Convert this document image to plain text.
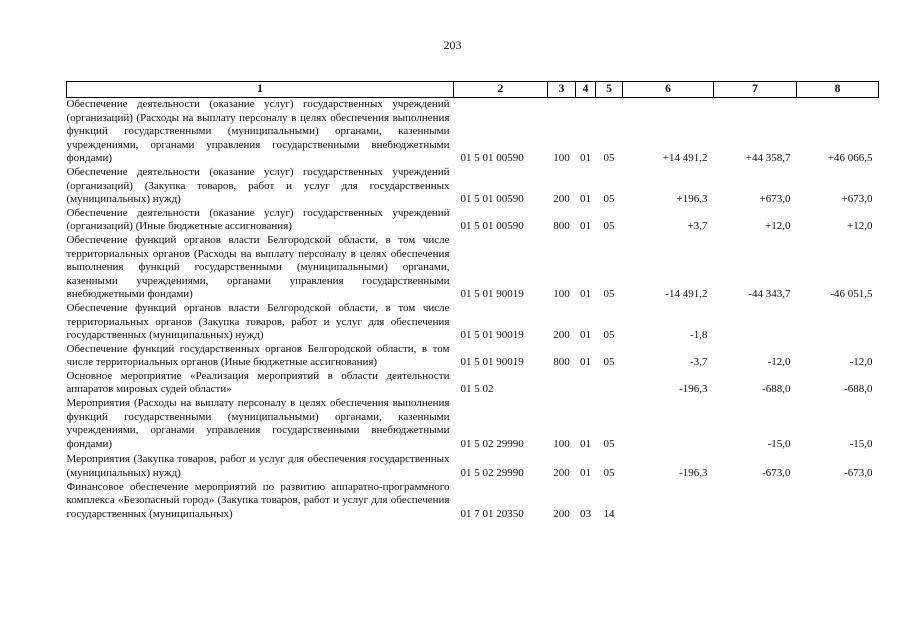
203
1	2	3	4	5	6	7	8
Обеспечение деятельности (оказание услуг) государственных учреждений (организаций) (Расходы на выплату персоналу в целях обеспечения выполнения функций государственными (муниципальными) органами, казенными учреждениями, органами управления государственными внебюджетными фондами)	01 5 01 00590	100	01	05	+14 491,2	+44 358,7	+46 066,5
Обеспечение деятельности (оказание услуг) государственных учреждений (организаций) (Закупка товаров, работ и услуг для государственных (муниципальных) нужд)	01 5 01 00590	200	01	05	+196,3	+673,0	+673,0
Обеспечение деятельности (оказание услуг) государственных учреждений (организаций) (Иные бюджетные ассигнования)	01 5 01 00590	800	01	05	+3,7	+12,0	+12,0
Обеспечение функций органов власти Белгородской области, в том числе территориальных органов (Расходы на выплату персоналу в целях обеспечения выполнения функций государственными (муниципальными) органами, казенными учреждениями, органами управления государственными внебюджетными фондами)	01 5 01 90019	100	01	05	-14 491,2	-44 343,7	-46 051,5
Обеспечение функций органов власти Белгородской области, в том числе территориальных органов (Закупка товаров, работ и услуг для обеспечения государственных (муниципальных) нужд)	01 5 01 90019	200	01	05	-1,8		
Обеспечение функций государственных органов Белгородской области, в том числе территориальных органов (Иные бюджетные ассигнования)	01 5 01 90019	800	01	05	-3,7	-12,0	-12,0
Основное мероприятие «Реализация мероприятий в области деятельности аппаратов мировых судей области»	01 5 02				-196,3	-688,0	-688,0
Мероприятия (Расходы на выплату персоналу в целях обеспечения выполнения функций государственными (муниципальными) органами, казенными учреждениями, органами управления государственными внебюджетными фондами)	01 5 02 29990	100	01	05		-15,0	-15,0
Мероприятия (Закупка товаров, работ и услуг для обеспечения государственных (муниципальных) нужд)	01 5 02 29990	200	01	05	-196,3	-673,0	-673,0
Финансовое обеспечение мероприятий по развитию аппаратно-программного комплекса «Безопасный город» (Закупка товаров, работ и услуг для обеспечения государственных (муниципальных)	01 7 01 20350	200	03	14			
